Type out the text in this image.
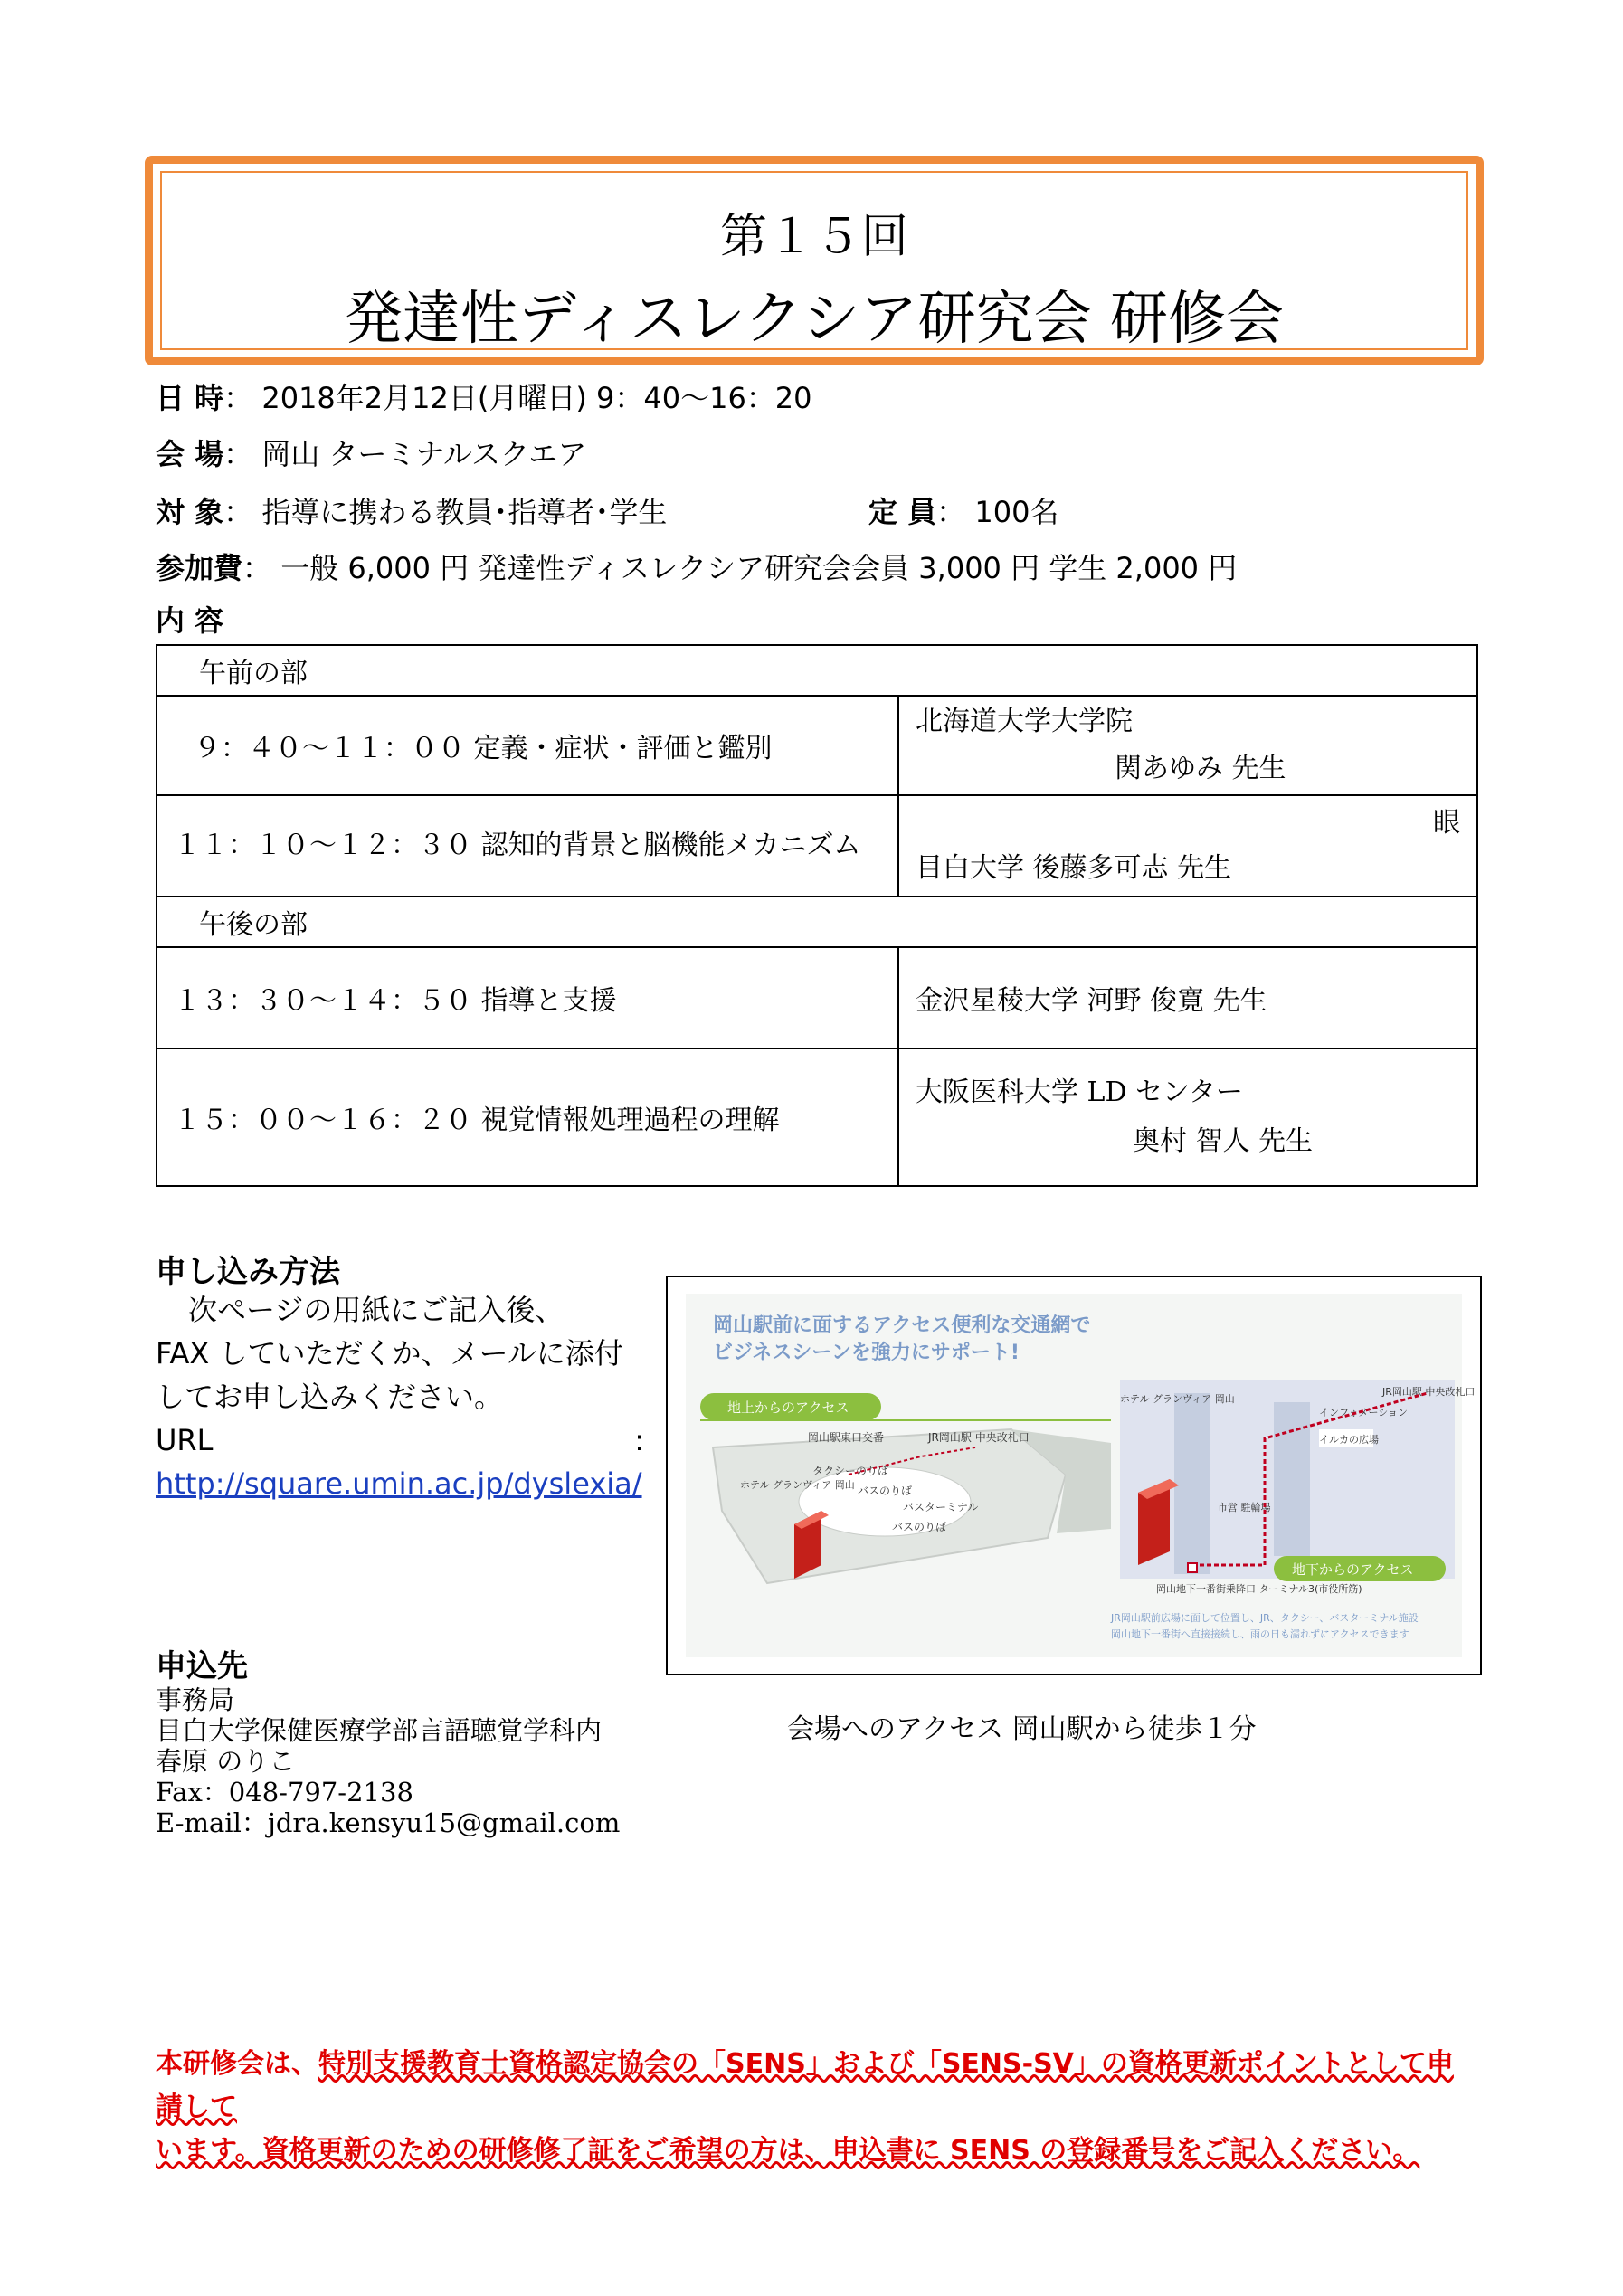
第１５回
発達性ディスレクシア研究会 研修会
日 時： 2018年2月12日(月曜日) 9：40〜16：20
会 場： 岡山 ターミナルスクエア
対 象： 指導に携わる教員･指導者･学生	定 員： 100名
参加費： 一般 6,000 円 発達性ディスレクシア研究会会員 3,000 円 学生 2,000 円
内 容
午前の部	
９：４０〜１１：００ 定義・症状・評価と鑑別	北海道大学大学院
関あゆみ 先生

１１：１０〜１２：３０ 認知的背景と脳機能メカニズム	眼
目白大学 後藤多可志 先生

午後の部	
１３：３０〜１４：５０ 指導と支援	金沢星稜大学 河野 俊寛 先生
１５：００〜１６：２０ 視覚情報処理過程の理解	大阪医科大学 LD センター
奥村 智人 先生
申し込み方法
次ページの用紙にご記入後、
FAX していただくか、メールに添付
してお申し込みください。
URL	:
http://square.umin.ac.jp/dyslexia/
申込先
事務局
目白大学保健医療学部言語聴覚学科内
春原 のりこ
Fax：048-797-2138
E-mail：jdra.kensyu15@gmail.com
岡山駅前に面するアクセス便利な交通網で
ビジネスシーンを強力にサポート!
地上からのアクセス
岡山駅東口交番	JR岡山駅 中央改札口
ホテル グランヴィア 岡山
タクシーのりば
バスのりば
バスターミナル
バスのりば
イルカの広場
インフォメーション
JR岡山駅 中央改札口
ホテル グランヴィア 岡山
市営 駐輪場
岡山地下一番街乗降口 ターミナル3(市役所筋)
地下からのアクセス
JR岡山駅前広場に面して位置し、JR、タクシー、バスターミナル施設
岡山地下一番街へ直接接続し、雨の日も濡れずにアクセスできます
会場へのアクセス 岡山駅から徒歩１分
本研修会は、特別支援教育士資格認定協会の「SENS」および「SENS-SV」の資格更新ポイントとして申請して
います。資格更新のための研修修了証をご希望の方は、申込書に SENS の登録番号をご記入ください。
